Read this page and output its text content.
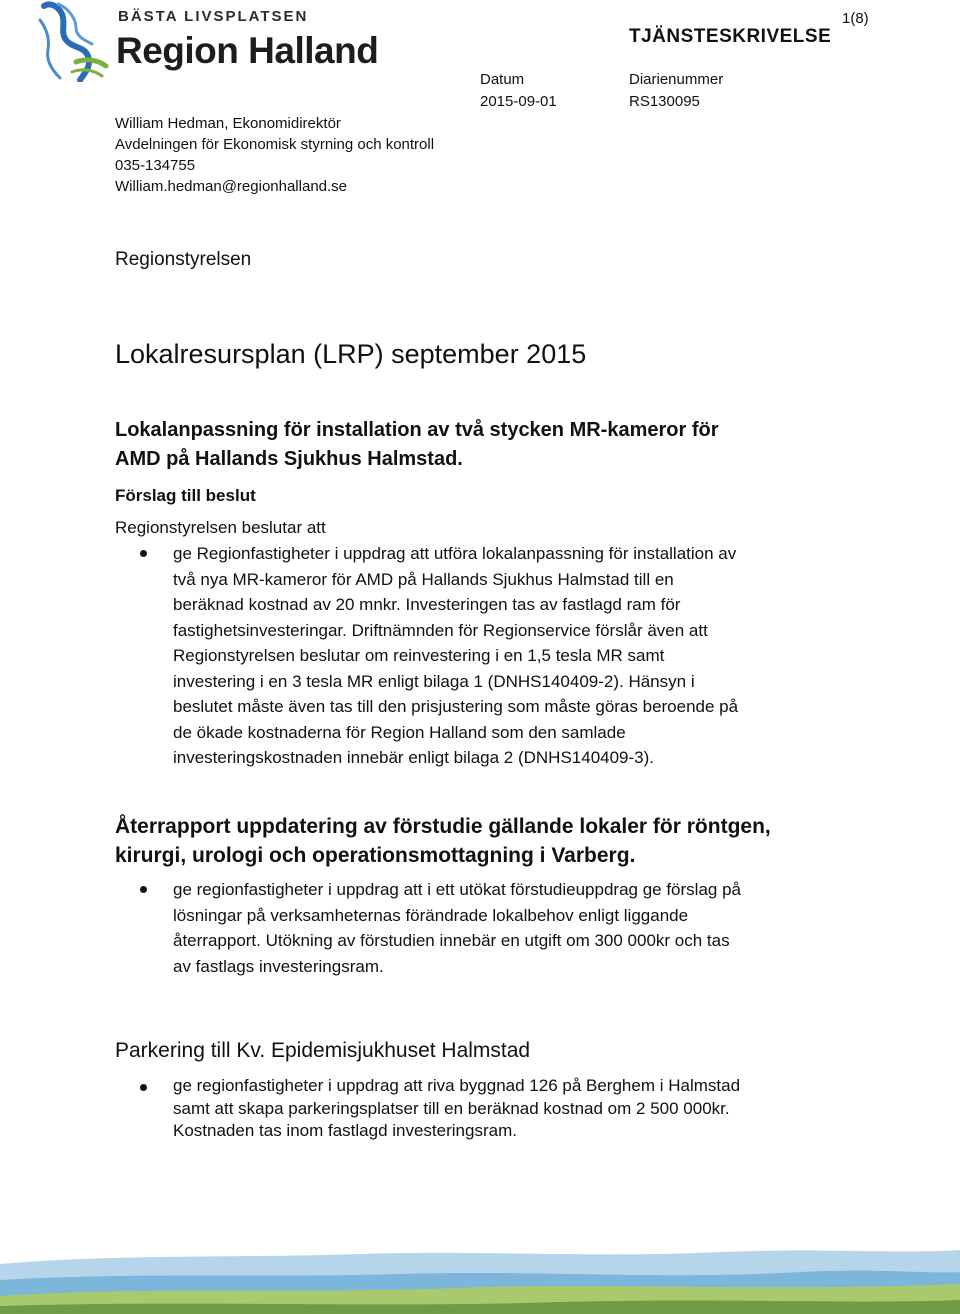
BÄSTA LIVSPLATSEN
Region Halland
1(8)
TJÄNSTESKRIVELSE
Datum
2015-09-01
Diarienummer
RS130095
William Hedman, Ekonomidirektör
Avdelningen för Ekonomisk styrning och kontroll
035-134755
William.hedman@regionhalland.se
Regionstyrelsen
Lokalresursplan (LRP) september 2015
Lokalanpassning för installation av två stycken MR-kameror för
AMD på Hallands Sjukhus Halmstad.
Förslag till beslut
Regionstyrelsen beslutar att
ge Regionfastigheter i uppdrag att utföra lokalanpassning för installation av
två nya MR-kameror för AMD på Hallands Sjukhus Halmstad till en
beräknad kostnad av 20 mnkr. Investeringen tas av fastlagd ram för
fastighetsinvesteringar. Driftnämnden för Regionservice förslår även att
Regionstyrelsen beslutar om reinvestering i en 1,5 tesla MR samt
investering i en 3 tesla MR enligt bilaga 1 (DNHS140409-2). Hänsyn i
beslutet måste även tas till den prisjustering som måste göras beroende på
de ökade kostnaderna för Region Halland som den samlade
investeringskostnaden innebär enligt bilaga 2 (DNHS140409-3).
Återrapport uppdatering av förstudie gällande lokaler för röntgen,
kirurgi, urologi och operationsmottagning i Varberg.
ge regionfastigheter i uppdrag att i ett utökat förstudieuppdrag ge förslag på
lösningar på verksamheternas förändrade lokalbehov enligt liggande
återrapport. Utökning av förstudien innebär en utgift om 300 000kr och tas
av fastlags investeringsram.
Parkering till Kv. Epidemisjukhuset Halmstad
ge regionfastigheter i uppdrag att riva byggnad 126 på Berghem i Halmstad
samt att skapa parkeringsplatser till en beräknad kostnad om 2 500 000kr.
Kostnaden tas inom fastlagd investeringsram.
